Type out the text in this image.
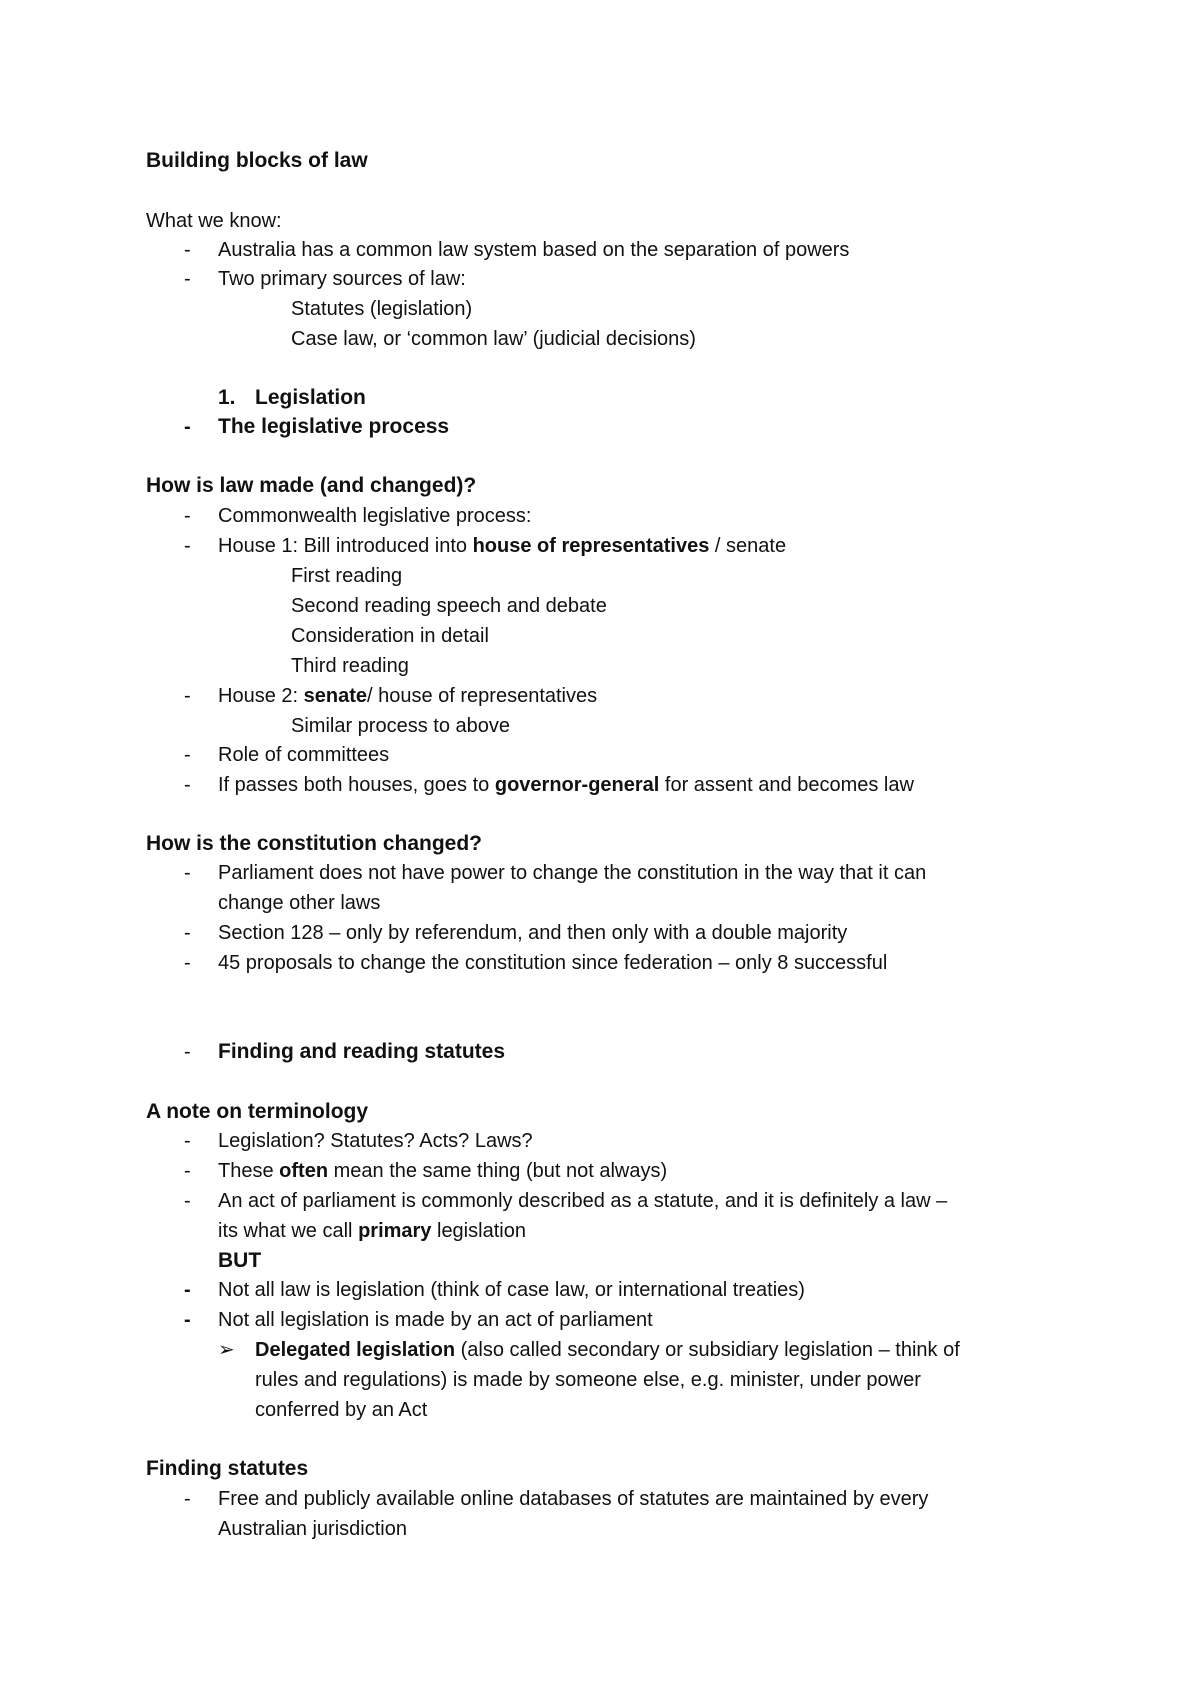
Building blocks of law
What we know:
- Australia has a common law system based on the separation of powers
- Two primary sources of law:
Statutes (legislation)
Case law, or ‘common law’ (judicial decisions)
1. Legislation
- The legislative process
How is law made (and changed)?
- Commonwealth legislative process:
- House 1: Bill introduced into house of representatives / senate
First reading
Second reading speech and debate
Consideration in detail
Third reading
- House 2: senate/ house of representatives
Similar process to above
- Role of committees
- If passes both houses, goes to governor-general for assent and becomes law
How is the constitution changed?
- Parliament does not have power to change the constitution in the way that it can
change other laws
- Section 128 – only by referendum, and then only with a double majority
- 45 proposals to change the constitution since federation – only 8 successful
- Finding and reading statutes
A note on terminology
- Legislation? Statutes? Acts? Laws?
- These often mean the same thing (but not always)
- An act of parliament is commonly described as a statute, and it is definitely a law –
its what we call primary legislation
BUT
- Not all law is legislation (think of case law, or international treaties)
- Not all legislation is made by an act of parliament
➢ Delegated legislation (also called secondary or subsidiary legislation – think of
rules and regulations) is made by someone else, e.g. minister, under power
conferred by an Act
Finding statutes
- Free and publicly available online databases of statutes are maintained by every
Australian jurisdiction
